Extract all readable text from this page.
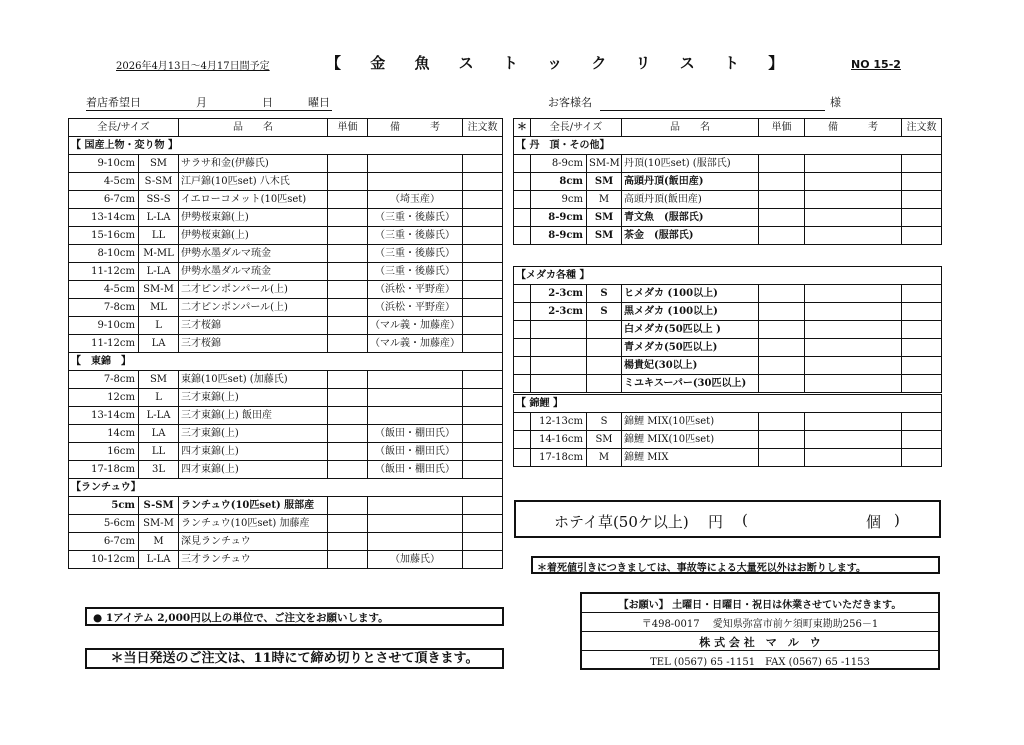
2026年4月13日～4月17日間予定	【 金 魚 ス ト ッ ク リ ス ト 】	NO 15-2
着店希望日	月	日	曜日	お客様名	様
全長/サイズ		品　　名	単価	備　　　考	注文数
【 国産上物・変り物 】					
9-10cm	SM	サラサ和金(伊藤氏)			
4-5cm	S-SM	江戸錦(10匹set) 八木氏			
6-7cm	SS-S	イエローコメット(10匹set)		（埼玉産）	
13-14cm	L-LA	伊勢桜東錦(上)		（三重・後藤氏）	
15-16cm	LL	伊勢桜東錦(上)		（三重・後藤氏）	
8-10cm	M-ML	伊勢水墨ダルマ琉金		（三重・後藤氏）	
11-12cm	L-LA	伊勢水墨ダルマ琉金		（三重・後藤氏）	
4-5cm	SM-M	二才ピンポンパール(上)		（浜松・平野産）	
7-8cm	ML	二才ピンポンパール(上)		（浜松・平野産）	
9-10cm	L	三才桜錦		（マル義・加藤産）	
11-12cm	LA	三才桜錦		（マル義・加藤産）	
【　東錦　】					
7-8cm	SM	東錦(10匹set) (加藤氏)			
12cm	L	三才東錦(上)			
13-14cm	L-LA	三才東錦(上) 飯田産			
14cm	LA	三才東錦(上)		（飯田・棚田氏）	
16cm	LL	四才東錦(上)		（飯田・棚田氏）	
17-18cm	3L	四才東錦(上)		（飯田・棚田氏）	
【ランチュウ】					
5cm	S-SM	ランチュウ(10匹set) 服部産			
5-6cm	SM-M	ランチュウ(10匹set) 加藤産			
6-7cm	M	深見ランチュウ			
10-12cm	L-LA	三才ランチュウ		（加藤氏）	
＊	全長/サイズ		品　　名	単価	備　　　考	注文数
【 丹　頂・その他】						
	8-9cm	SM-M	丹頂(10匹set) (服部氏)			
	8cm	SM	高頭丹頂(飯田産)			
	9cm	M	高頭丹頂(飯田産)			
	8-9cm	SM	青文魚　(服部氏)			
	8-9cm	SM	茶金　(服部氏)			

【メダカ各種 】						
	2-3cm	S	ヒメダカ (100以上)			
	2-3cm	S	黒メダカ (100以上)			
			白メダカ(50匹以上 )			
			青メダカ(50匹以上)			
			楊貴妃(30以上)			
			ミユキスーパー(30匹以上)			

【 錦鯉 】						
	12-13cm	S	錦鯉 MIX(10匹set)			
	14-16cm	SM	錦鯉 MIX(10匹set)			
	17-18cm	M	錦鯉 MIX			
ホテイ草(50ケ以上) 円 (	個 )
＊着死値引きにつきましては、事故等による大量死以外はお断りします。
【お願い】 土曜日・日曜日・祝日は休業させていただきます。
〒498-0017　 愛知県弥富市前ケ須町東勘助256－1
株 式 会 社　マ　ル　ウ
TEL (0567) 65 -1151　FAX (0567) 65 -1153
● 1アイテム 2,000円以上の単位で、ご注文をお願いします。
＊当日発送のご注文は、11時にて締め切りとさせて頂きます。
